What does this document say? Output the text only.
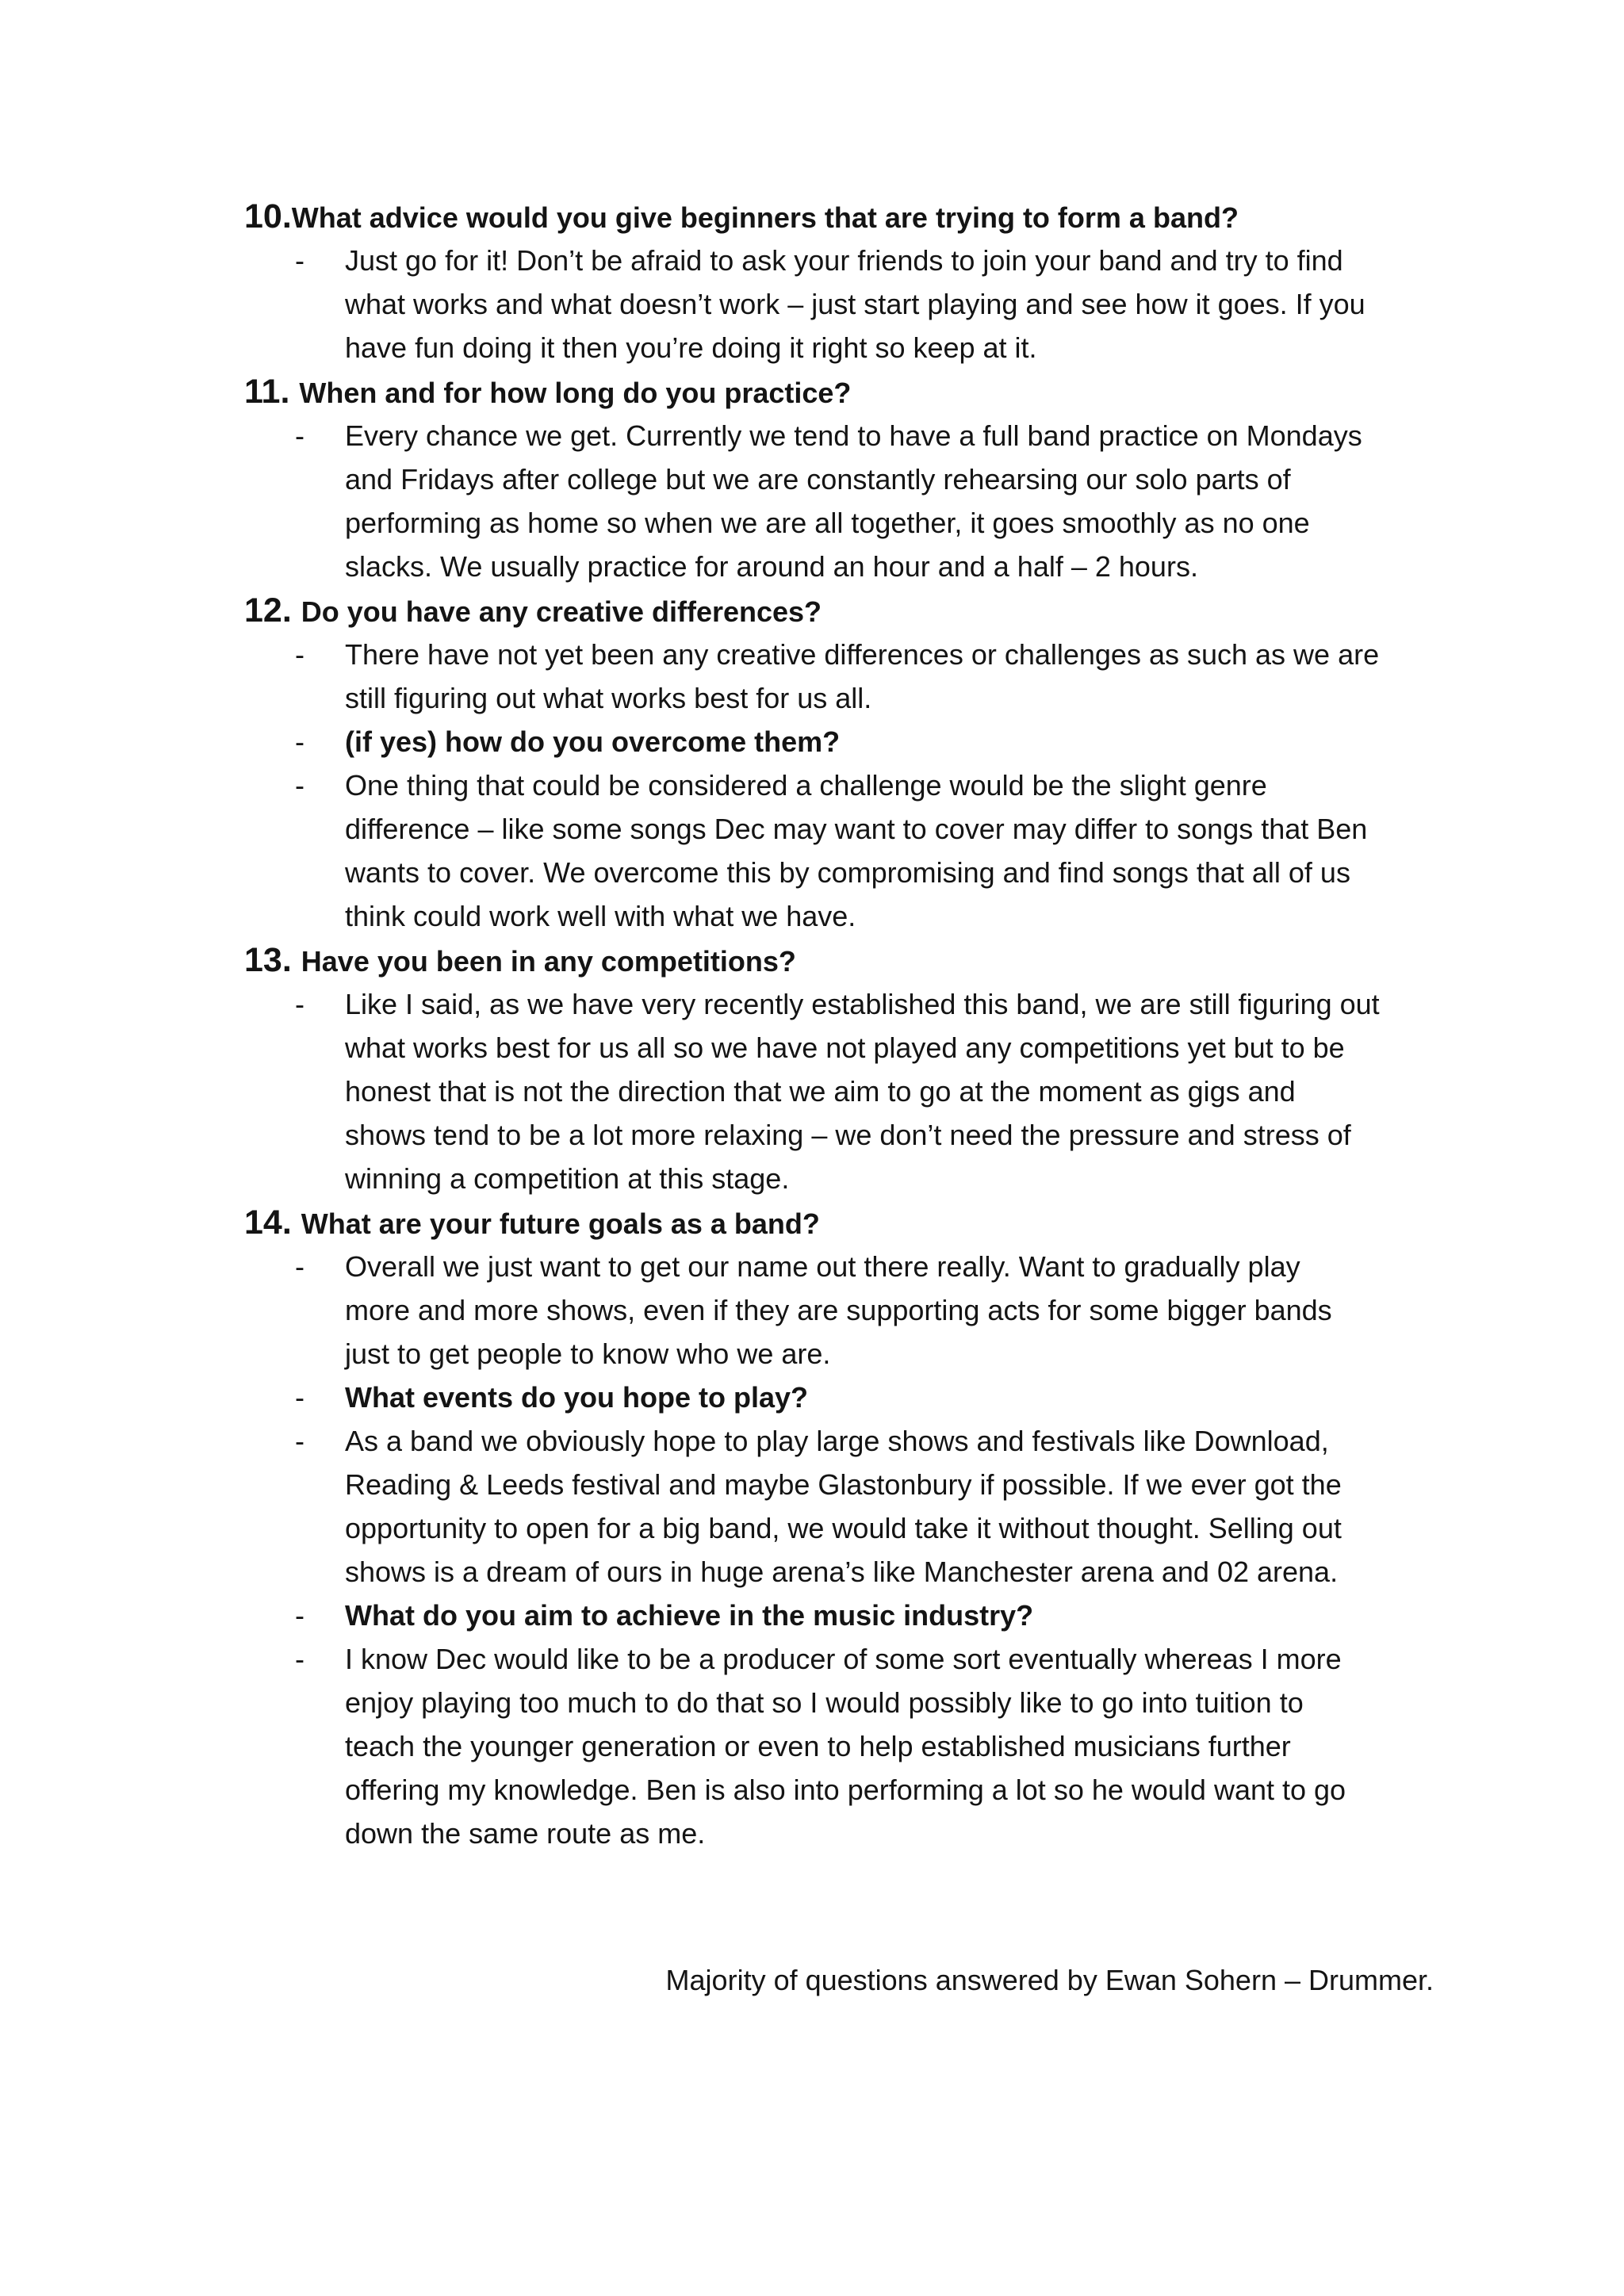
10.What advice would you give beginners that are trying to form a band?
- Just go for it! Don’t be afraid to ask your friends to join your band and try to find
what works and what doesn’t work – just start playing and see how it goes. If you
have fun doing it then you’re doing it right so keep at it.
11. When and for how long do you practice?
- Every chance we get. Currently we tend to have a full band practice on Mondays
and Fridays after college but we are constantly rehearsing our solo parts of
performing as home so when we are all together, it goes smoothly as no one
slacks. We usually practice for around an hour and a half – 2 hours.
12. Do you have any creative differences?
- There have not yet been any creative differences or challenges as such as we are
still figuring out what works best for us all.
- (if yes) how do you overcome them?
- One thing that could be considered a challenge would be the slight genre
difference – like some songs Dec may want to cover may differ to songs that Ben
wants to cover. We overcome this by compromising and find songs that all of us
think could work well with what we have.
13. Have you been in any competitions?
- Like I said, as we have very recently established this band, we are still figuring out
what works best for us all so we have not played any competitions yet but to be
honest that is not the direction that we aim to go at the moment as gigs and
shows tend to be a lot more relaxing – we don’t need the pressure and stress of
winning a competition at this stage.
14. What are your future goals as a band?
- Overall we just want to get our name out there really. Want to gradually play
more and more shows, even if they are supporting acts for some bigger bands
just to get people to know who we are.
- What events do you hope to play?
- As a band we obviously hope to play large shows and festivals like Download,
Reading & Leeds festival and maybe Glastonbury if possible. If we ever got the
opportunity to open for a big band, we would take it without thought. Selling out
shows is a dream of ours in huge arena’s like Manchester arena and 02 arena.
- What do you aim to achieve in the music industry?
- I know Dec would like to be a producer of some sort eventually whereas I more
enjoy playing too much to do that so I would possibly like to go into tuition to
teach the younger generation or even to help established musicians further
offering my knowledge. Ben is also into performing a lot so he would want to go
down the same route as me.
Majority of questions answered by Ewan Sohern – Drummer.
